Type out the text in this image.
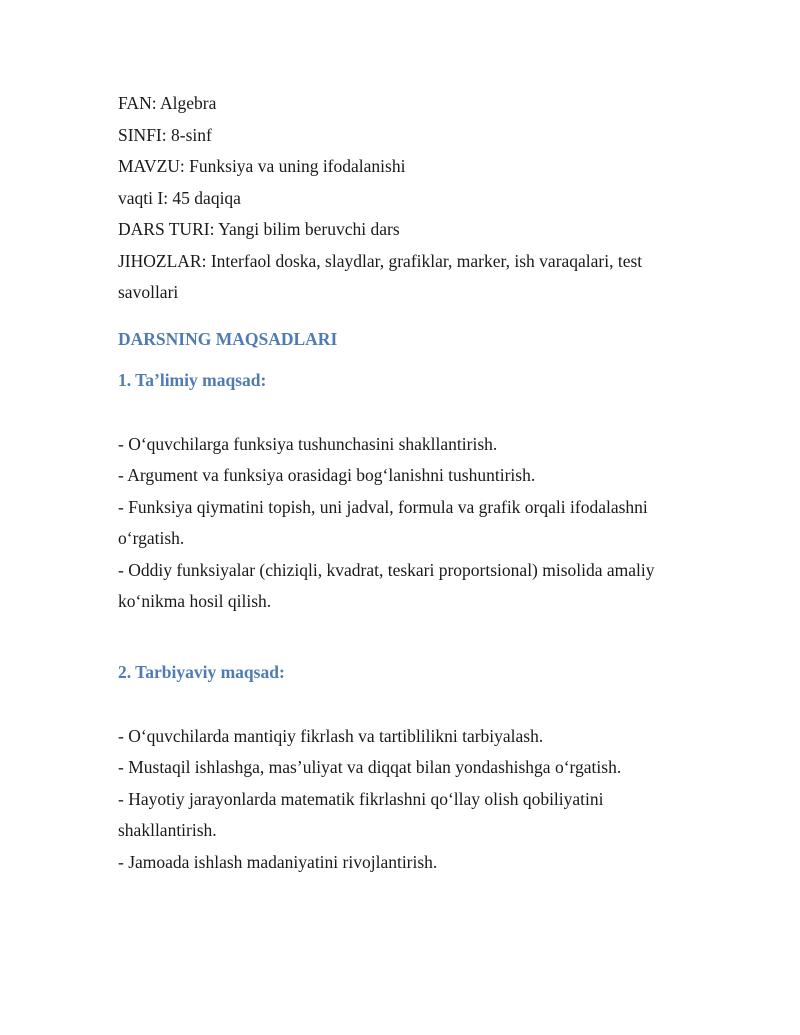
FAN: Algebra

SINFI: 8-sinf

MAVZU: Funksiya va uning ifodalanishi

vaqti I: 45 daqiqa

DARS TURI: Yangi bilim beruvchi dars

JIHOZLAR: Interfaol doska, slaydlar, grafiklar, marker, ish varaqalari, test

savollari

DARSNING MAQSADLARI

1. Ta’limiy maqsad:

- O‘quvchilarga funksiya tushunchasini shakllantirish.

- Argument va funksiya orasidagi bog‘lanishni tushuntirish.

- Funksiya qiymatini topish, uni jadval, formula va grafik orqali ifodalashni

o‘rgatish.

- Oddiy funksiyalar (chiziqli, kvadrat, teskari proportsional) misolida amaliy

ko‘nikma hosil qilish.

2. Tarbiyaviy maqsad:

- O‘quvchilarda mantiqiy fikrlash va tartiblilikni tarbiyalash.

- Mustaqil ishlashga, mas’uliyat va diqqat bilan yondashishga o‘rgatish.

- Hayotiy jarayonlarda matematik fikrlashni qo‘llay olish qobiliyatini

shakllantirish.

- Jamoada ishlash madaniyatini rivojlantirish.
